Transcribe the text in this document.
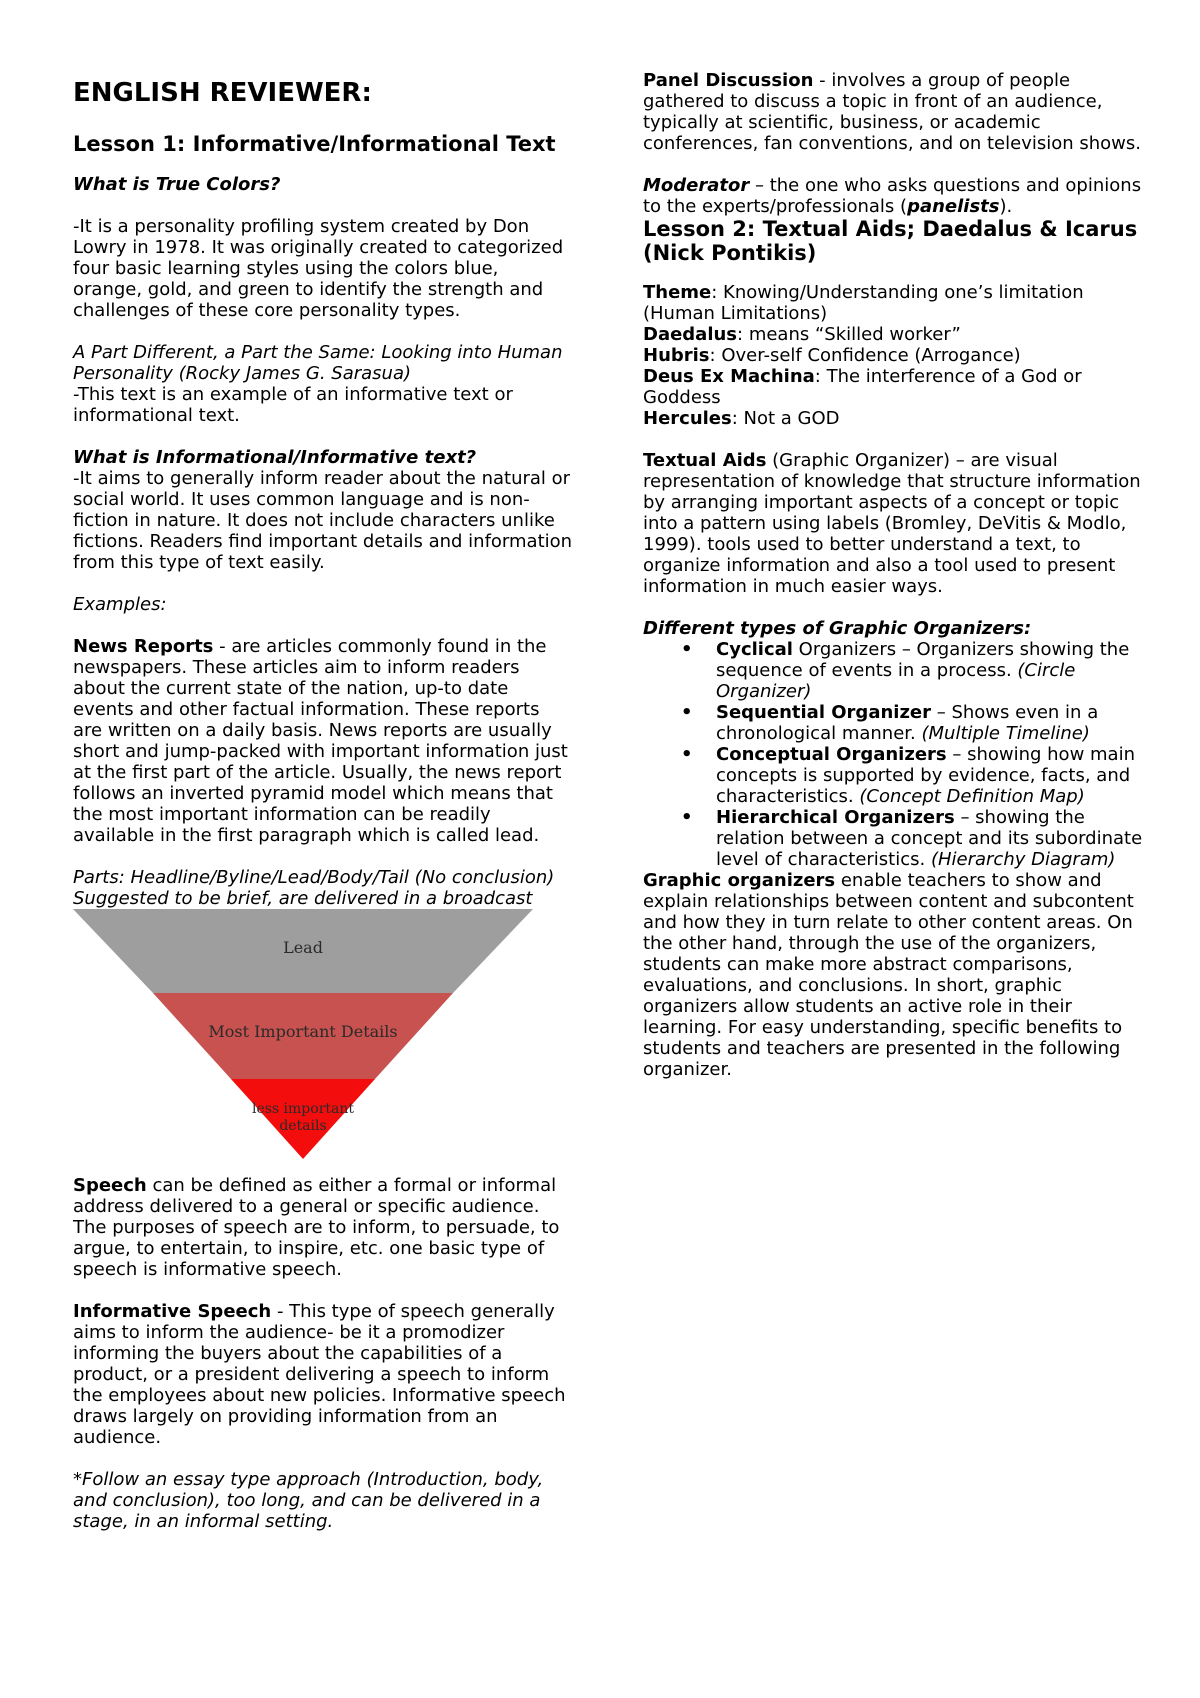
ENGLISH REVIEWER:

Lesson 1: Informative/Informational Text

What is True Colors?

-It is a personality profiling system created by Don Lowry in 1978. It was originally created to categorized four basic learning styles using the colors blue, orange, gold, and green to identify the strength and challenges of these core personality types.

A Part Different, a Part the Same: Looking into Human Personality (Rocky James G. Sarasua)

-This text is an example of an informative text or informational text.

What is Informational/Informative text?

-It aims to generally inform reader about the natural or social world. It uses common language and is non-fiction in nature. It does not include characters unlike fictions. Readers find important details and information from this type of text easily.

Examples:

News Reports - are articles commonly found in the newspapers. These articles aim to inform readers about the current state of the nation, up-to date events and other factual information. These reports are written on a daily basis. News reports are usually short and jump-packed with important information just at the first part of the article. Usually, the news report follows an inverted pyramid model which means that the most important information can be readily available in the first paragraph which is called lead.

Parts: Headline/Byline/Lead/Body/Tail (No conclusion)

Suggested to be brief, are delivered in a broadcast

Lead
Most Important Details
less important
details

Speech can be defined as either a formal or informal address delivered to a general or specific audience. The purposes of speech are to inform, to persuade, to argue, to entertain, to inspire, etc. one basic type of speech is informative speech.

Informative Speech - This type of speech generally aims to inform the audience- be it a promodizer informing the buyers about the capabilities of a product, or a president delivering a speech to inform the employees about new policies. Informative speech draws largely on providing information from an audience.

*Follow an essay type approach (Introduction, body, and conclusion), too long, and can be delivered in a stage, in an informal setting.

Panel Discussion - involves a group of people gathered to discuss a topic in front of an audience, typically at scientific, business, or academic conferences, fan conventions, and on television shows.

Moderator – the one who asks questions and opinions to the experts/professionals (panelists).

Lesson 2: Textual Aids; Daedalus & Icarus (Nick Pontikis)

Theme: Knowing/Understanding one’s limitation (Human Limitations)

Daedalus: means “Skilled worker”

Hubris: Over-self Confidence (Arrogance)

Deus Ex Machina: The interference of a God or Goddess

Hercules: Not a GOD

Textual Aids (Graphic Organizer) – are visual representation of knowledge that structure information by arranging important aspects of a concept or topic into a pattern using labels (Bromley, DeVitis & Modlo, 1999). tools used to better understand a text, to organize information and also a tool used to present information in much easier ways.

Different types of Graphic Organizers:

• Cyclical Organizers – Organizers showing the sequence of events in a process. (Circle Organizer)
• Sequential Organizer – Shows even in a chronological manner. (Multiple Timeline)
• Conceptual Organizers – showing how main concepts is supported by evidence, facts, and characteristics. (Concept Definition Map)
• Hierarchical Organizers – showing the relation between a concept and its subordinate level of characteristics. (Hierarchy Diagram)

Graphic organizers enable teachers to show and explain relationships between content and subcontent and how they in turn relate to other content areas. On the other hand, through the use of the organizers, students can make more abstract comparisons, evaluations, and conclusions. In short, graphic organizers allow students an active role in their learning. For easy understanding, specific benefits to students and teachers are presented in the following organizer.
